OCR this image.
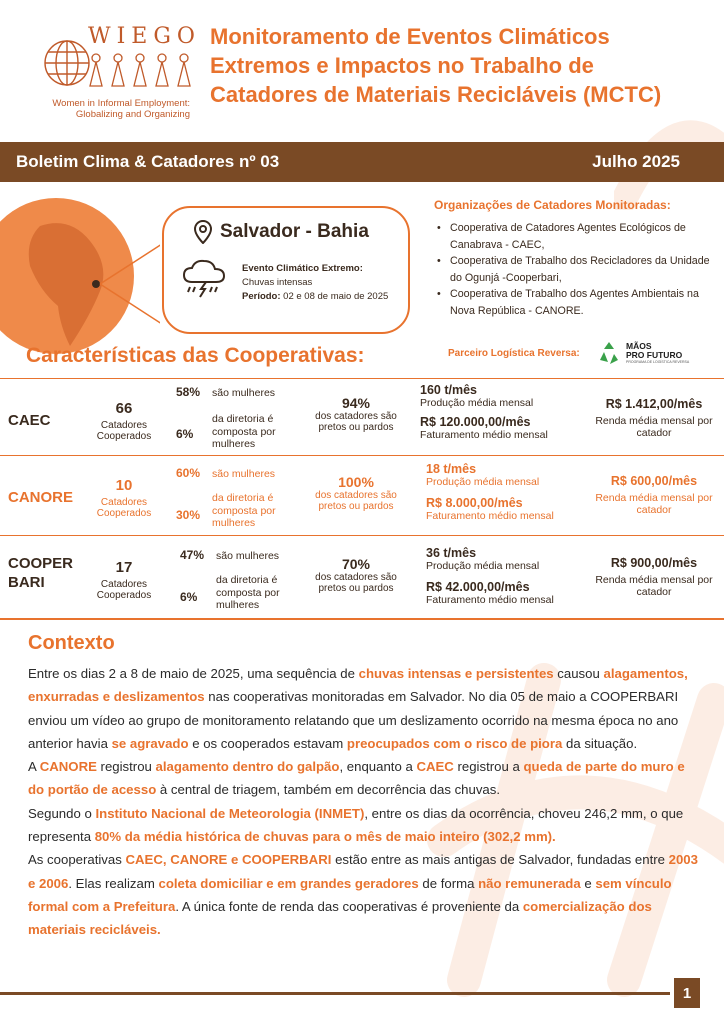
WIEGO
Women in Informal Employment:
Globalizing and Organizing
Monitoramento de Eventos Climáticos
Extremos e Impactos no Trabalho de
Catadores de Materiais Recicláveis (MCTC)
Boletim Clima & Catadores nº 03	Julho 2025
Salvador - Bahia
Evento Climático Extremo:
Chuvas intensas
Período: 02 e 08 de maio de 2025
Organizações de Catadores Monitoradas:
• Cooperativa de Catadores Agentes Ecológicos de Canabrava - CAEC,
• Cooperativa de Trabalho dos Recicladores da Unidade do Ogunjá -Cooperbari,
• Cooperativa de Trabalho dos Agentes Ambientais na Nova República - CANORE.
Características das Cooperativas:	Parceiro Logística Reversa:
MÃOS
PRO FUTURO
PROGRAMA DE LOGÍSTICA REVERSA
CAEC
66
Catadores Cooperados
58% são mulheres
6%
da diretoria é composta por mulheres
94%
dos catadores são pretos ou pardos
160 t/mês
Produção média mensal
R$ 120.000,00/mês
Faturamento médio mensal
R$ 1.412,00/mês
Renda média mensal por catador
CANORE
10
Catadores Cooperados
60% são mulheres
30%
da diretoria é composta por mulheres
100%
dos catadores são pretos ou pardos
18 t/mês
Produção média mensal
R$ 8.000,00/mês
Faturamento médio mensal
R$ 600,00/mês
Renda média mensal por catador
COOPER
BARI
17
Catadores Cooperados
47% são mulheres
6%
da diretoria é composta por mulheres
70%
dos catadores são pretos ou pardos
36 t/mês
Produção média mensal
R$ 42.000,00/mês
Faturamento médio mensal
R$ 900,00/mês
Renda média mensal por catador
Contexto

Entre os dias 2 a 8 de maio de 2025, uma sequência de chuvas intensas e persistentes causou alagamentos, enxurradas e deslizamentos nas cooperativas monitoradas em Salvador. No dia 05 de maio a COOPERBARI enviou um vídeo ao grupo de monitoramento relatando que um deslizamento ocorrido na mesma época no ano anterior havia se agravado e os cooperados estavam preocupados com o risco de piora da situação.

A CANORE registrou alagamento dentro do galpão, enquanto a CAEC registrou a queda de parte do muro e do portão de acesso à central de triagem, também em decorrência das chuvas.

Segundo o Instituto Nacional de Meteorologia (INMET), entre os dias da ocorrência, choveu 246,2 mm, o que representa 80% da média histórica de chuvas para o mês de maio inteiro (302,2 mm).

As cooperativas CAEC, CANORE e COOPERBARI estão entre as mais antigas de Salvador, fundadas entre 2003 e 2006. Elas realizam coleta domiciliar e em grandes geradores de forma não remunerada e sem vínculo formal com a Prefeitura. A única fonte de renda das cooperativas é proveniente da comercialização dos materiais recicláveis.

1
